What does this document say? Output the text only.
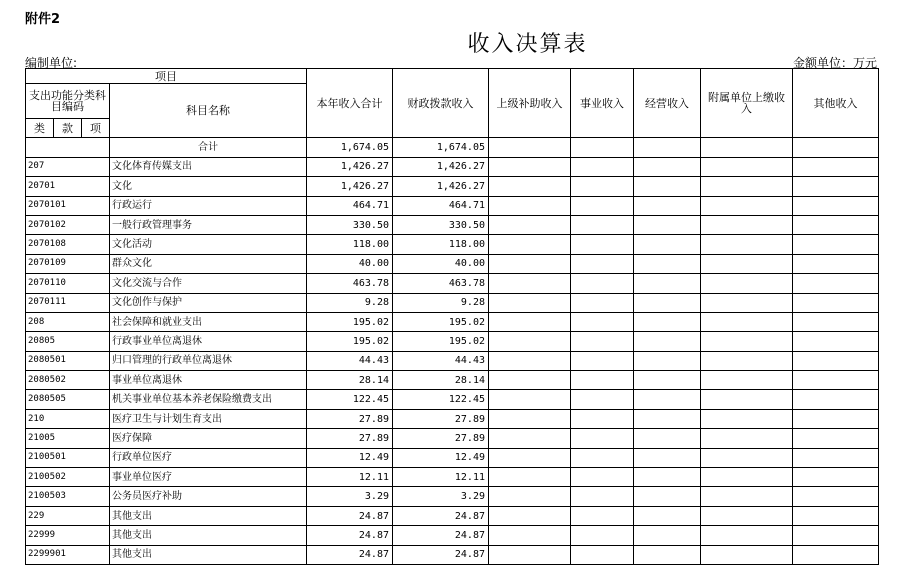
附件2
收入决算表
编制单位:	金额单位：万元
项目				本年收入合计	财政拨款收入	上级补助收入	事业收入	经营收入	附属单位上缴收入	其他收入
支出功能分类科目编码			科目名称							
类	款	项								
			合计	1,674.05	1,674.05					
207			文化体育传媒支出	1,426.27	1,426.27					
20701			文化	1,426.27	1,426.27					
2070101			行政运行	464.71	464.71					
2070102			一般行政管理事务	330.50	330.50					
2070108			文化活动	118.00	118.00					
2070109			群众文化	40.00	40.00					
2070110			文化交流与合作	463.78	463.78					
2070111			文化创作与保护	9.28	9.28					
208			社会保障和就业支出	195.02	195.02					
20805			行政事业单位离退休	195.02	195.02					
2080501			归口管理的行政单位离退休	44.43	44.43					
2080502			事业单位离退休	28.14	28.14					
2080505			机关事业单位基本养老保险缴费支出	122.45	122.45					
210			医疗卫生与计划生育支出	27.89	27.89					
21005			医疗保障	27.89	27.89					
2100501			行政单位医疗	12.49	12.49					
2100502			事业单位医疗	12.11	12.11					
2100503			公务员医疗补助	3.29	3.29					
229			其他支出	24.87	24.87					
22999			其他支出	24.87	24.87					
2299901			其他支出	24.87	24.87					
